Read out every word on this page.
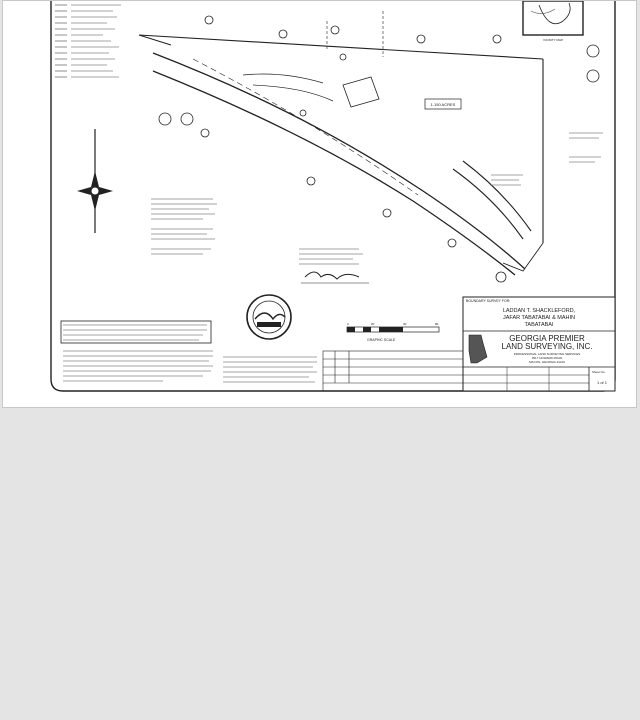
VICINITY MAP
1.150 ACRES
0	20	40	80
GRAPHIC SCALE
BOUNDARY SURVEY FOR:
LADDAN T. SHACKLEFORD,
JAFAR TABATABAI & MAHIN
TABATABAI
GEORGIA PREMIER
LAND SURVEYING, INC.
PROFESSIONAL LAND SURVEYING SERVICES
3517 HOWARD ROAD
MACON, GEORGIA 31216
Sheet No.
1 of 1
